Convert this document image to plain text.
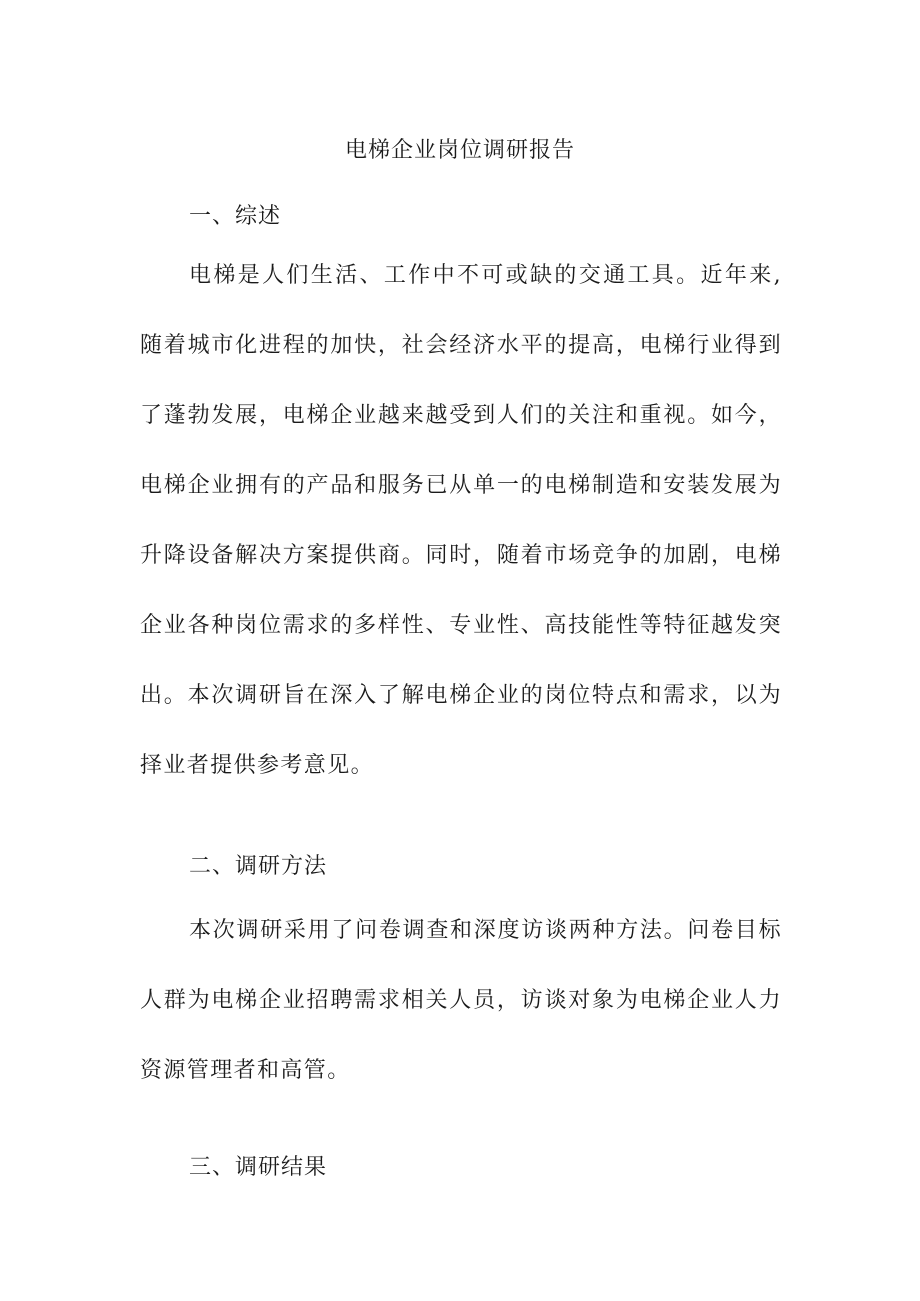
电梯企业岗位调研报告
一、综述

电梯是人们生活、工作中不可或缺的交通工具。近年来,随着城市化进程的加快，社会经济水平的提高，电梯行业得到了蓬勃发展，电梯企业越来越受到人们的关注和重视。如今，电梯企业拥有的产品和服务已从单一的电梯制造和安装发展为升降设备解决方案提供商。同时，随着市场竞争的加剧，电梯企业各种岗位需求的多样性、专业性、高技能性等特征越发突出。本次调研旨在深入了解电梯企业的岗位特点和需求，以为择业者提供参考意见。

二、调研方法

本次调研采用了问卷调查和深度访谈两种方法。问卷目标人群为电梯企业招聘需求相关人员，访谈对象为电梯企业人力资源管理者和高管。

三、调研结果
